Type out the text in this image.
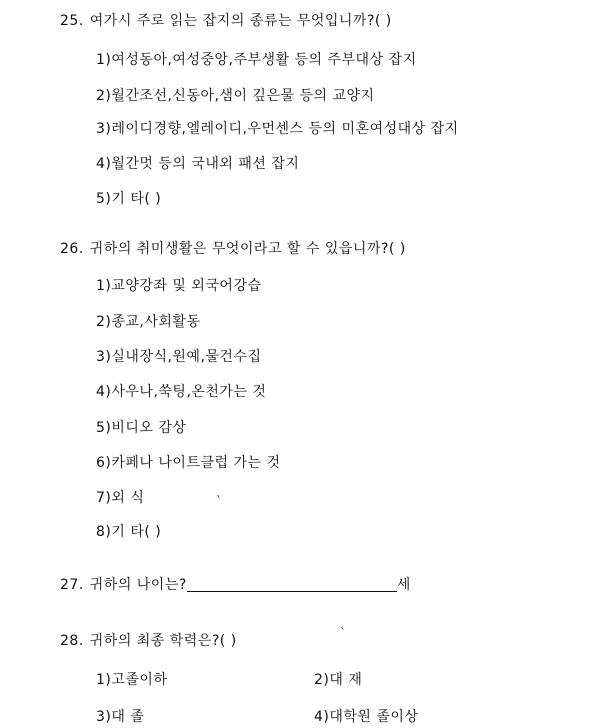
25. 여가시 주로 읽는 잡지의 종류는 무엇입니까?( )
1)여성동아,여성중앙,주부생활 등의 주부대상 잡지
2)월간조선,신동아,샘이 깊은물 등의 교양지
3)레이디경향,엘레이디,우먼센스 등의 미혼여성대상 잡지
4)월간멋 등의 국내외 패션 잡지
5)기 타( )
26. 귀하의 취미생활은 무엇이라고 할 수 있읍니까?( )
1)교양강좌 및 외국어강습
2)종교,사회활동
3)실내장식,원예,물건수집
4)사우나,쑥팅,온천가는 것
5)비디오 감상
6)카페나 나이트클럽 가는 것
7)외 식
8)기 타( )
ˋ
27. 귀하의 나이는?	세
28. 귀하의 최종 학력은?( )	ˋ
1)고졸이하	2)대 재
3)대 졸	4)대학원 졸이상
